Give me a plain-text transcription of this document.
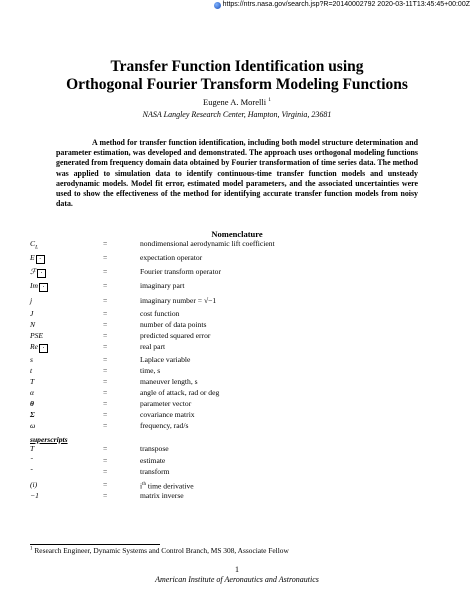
https://ntrs.nasa.gov/search.jsp?R=20140002792 2020-03-11T13:45:45+00:00Z
Transfer Function Identification using
Orthogonal Fourier Transform Modeling Functions
Eugene A. Morelli $^1$
NASA Langley Research Center, Hampton, Virginia, 23681

A method for transfer function identification, including both model structure determination and parameter estimation, was developed and demonstrated. The approach uses orthogonal modeling functions generated from frequency domain data obtained by Fourier transformation of time series data. The method was applied to simulation data to identify continuous-time transfer function models and unsteady aerodynamic models. Model fit error, estimated model parameters, and the associated uncertainties were used to show the effectiveness of the method for identifying accurate transfer function models from noisy data.

Nomenclature
$C_L$	=	nondimensional aerodynamic lift coefficient
E ·	=	expectation operator
ℱ ·	=	Fourier transform operator
Im ·	=	imaginary part
j	=	imaginary number = √−1
J	=	cost function
N	=	number of data points
PSE	=	predicted squared error
Re ·	=	real part
s	=	Laplace variable
t	=	time, s
T	=	maneuver length, s
α	=	angle of attack, rad or deg
θ	=	parameter vector
Σ	=	covariance matrix
ω	=	frequency, rad/s
superscripts
T	=	transpose
ˆ	=	estimate
˜	=	transform
(i)	=	$i^{th}$ time derivative
−1	=	matrix inverse
$^1$ Research Engineer, Dynamic Systems and Control Branch, MS 308, Associate Fellow
1
American Institute of Aeronautics and Astronautics
